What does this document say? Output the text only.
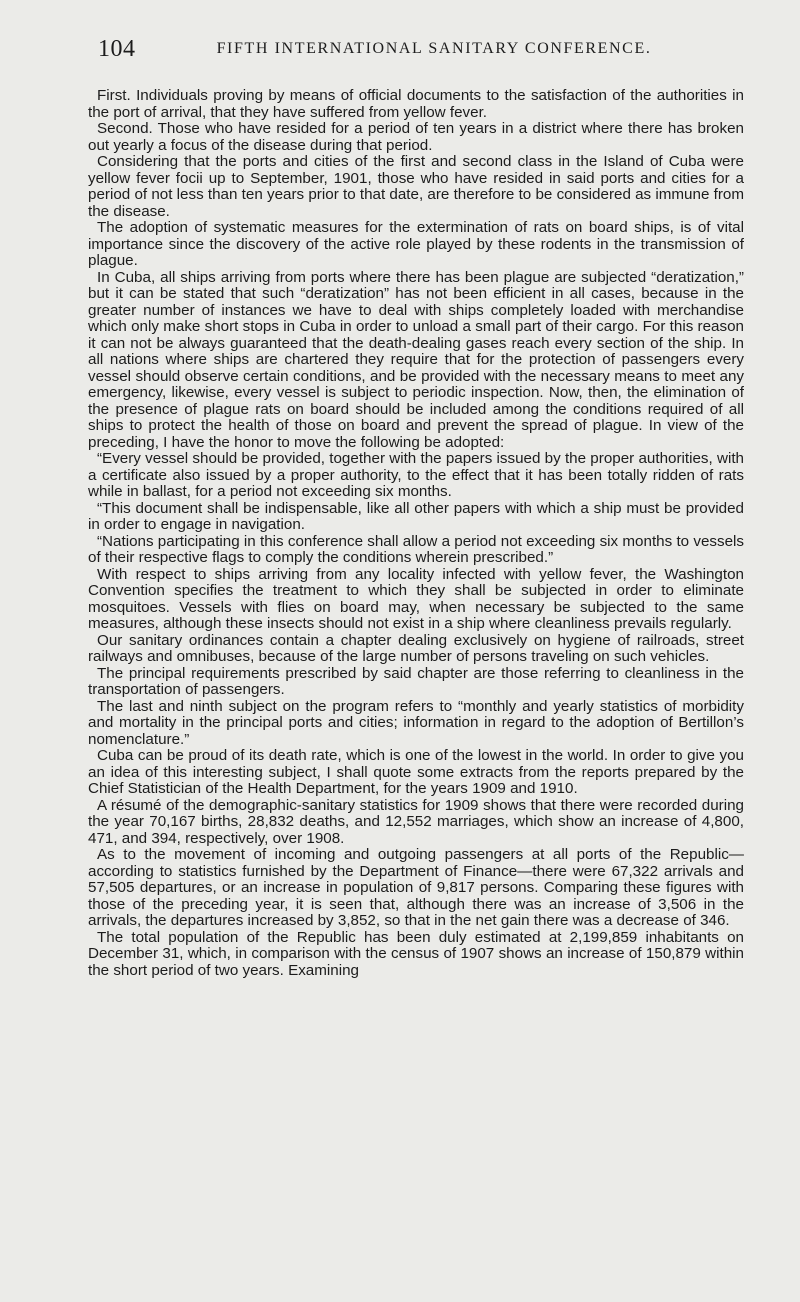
104	FIFTH INTERNATIONAL SANITARY CONFERENCE.

First. Individuals proving by means of official documents to the satisfaction of the authorities in the port of arrival, that they have suffered from yellow fever.

Second. Those who have resided for a period of ten years in a district where there has broken out yearly a focus of the disease during that period.

Considering that the ports and cities of the first and second class in the Island of Cuba were yellow fever focii up to September, 1901, those who have resided in said ports and cities for a period of not less than ten years prior to that date, are therefore to be considered as immune from the disease.

The adoption of systematic measures for the extermination of rats on board ships, is of vital importance since the discovery of the active role played by these rodents in the transmission of plague.

In Cuba, all ships arriving from ports where there has been plague are subjected “deratization,” but it can be stated that such “deratization” has not been efficient in all cases, because in the greater number of instances we have to deal with ships completely loaded with merchandise which only make short stops in Cuba in order to unload a small part of their cargo. For this reason it can not be always guaranteed that the death-dealing gases reach every section of the ship. In all nations where ships are chartered they require that for the protection of passengers every vessel should observe certain conditions, and be provided with the necessary means to meet any emergency, likewise, every vessel is subject to periodic inspection. Now, then, the elimination of the presence of plague rats on board should be included among the conditions required of all ships to protect the health of those on board and prevent the spread of plague. In view of the preceding, I have the honor to move the following be adopted:

“Every vessel should be provided, together with the papers issued by the proper authorities, with a certificate also issued by a proper authority, to the effect that it has been totally ridden of rats while in ballast, for a period not exceeding six months.

“This document shall be indispensable, like all other papers with which a ship must be provided in order to engage in navigation.

“Nations participating in this conference shall allow a period not exceeding six months to vessels of their respective flags to comply the conditions wherein prescribed.”

With respect to ships arriving from any locality infected with yellow fever, the Washington Convention specifies the treatment to which they shall be subjected in order to eliminate mosquitoes. Vessels with flies on board may, when necessary be subjected to the same measures, although these insects should not exist in a ship where cleanliness prevails regularly.

Our sanitary ordinances contain a chapter dealing exclusively on hygiene of railroads, street railways and omnibuses, because of the large number of persons traveling on such vehicles.

The principal requirements prescribed by said chapter are those referring to cleanliness in the transportation of passengers.

The last and ninth subject on the program refers to “monthly and yearly statistics of morbidity and mortality in the principal ports and cities; information in regard to the adoption of Bertillon’s nomenclature.”

Cuba can be proud of its death rate, which is one of the lowest in the world. In order to give you an idea of this interesting subject, I shall quote some extracts from the reports prepared by the Chief Statistician of the Health Department, for the years 1909 and 1910.

A résumé of the demographic-sanitary statistics for 1909 shows that there were recorded during the year 70,167 births, 28,832 deaths, and 12,552 marriages, which show an increase of 4,800, 471, and 394, respectively, over 1908.

As to the movement of incoming and outgoing passengers at all ports of the Republic—according to statistics furnished by the Department of Finance—there were 67,322 arrivals and 57,505 departures, or an increase in population of 9,817 persons. Comparing these figures with those of the preceding year, it is seen that, although there was an increase of 3,506 in the arrivals, the departures increased by 3,852, so that in the net gain there was a decrease of 346.

The total population of the Republic has been duly estimated at 2,199,859 inhabitants on December 31, which, in comparison with the census of 1907 shows an increase of 150,879 within the short period of two years. Examining
